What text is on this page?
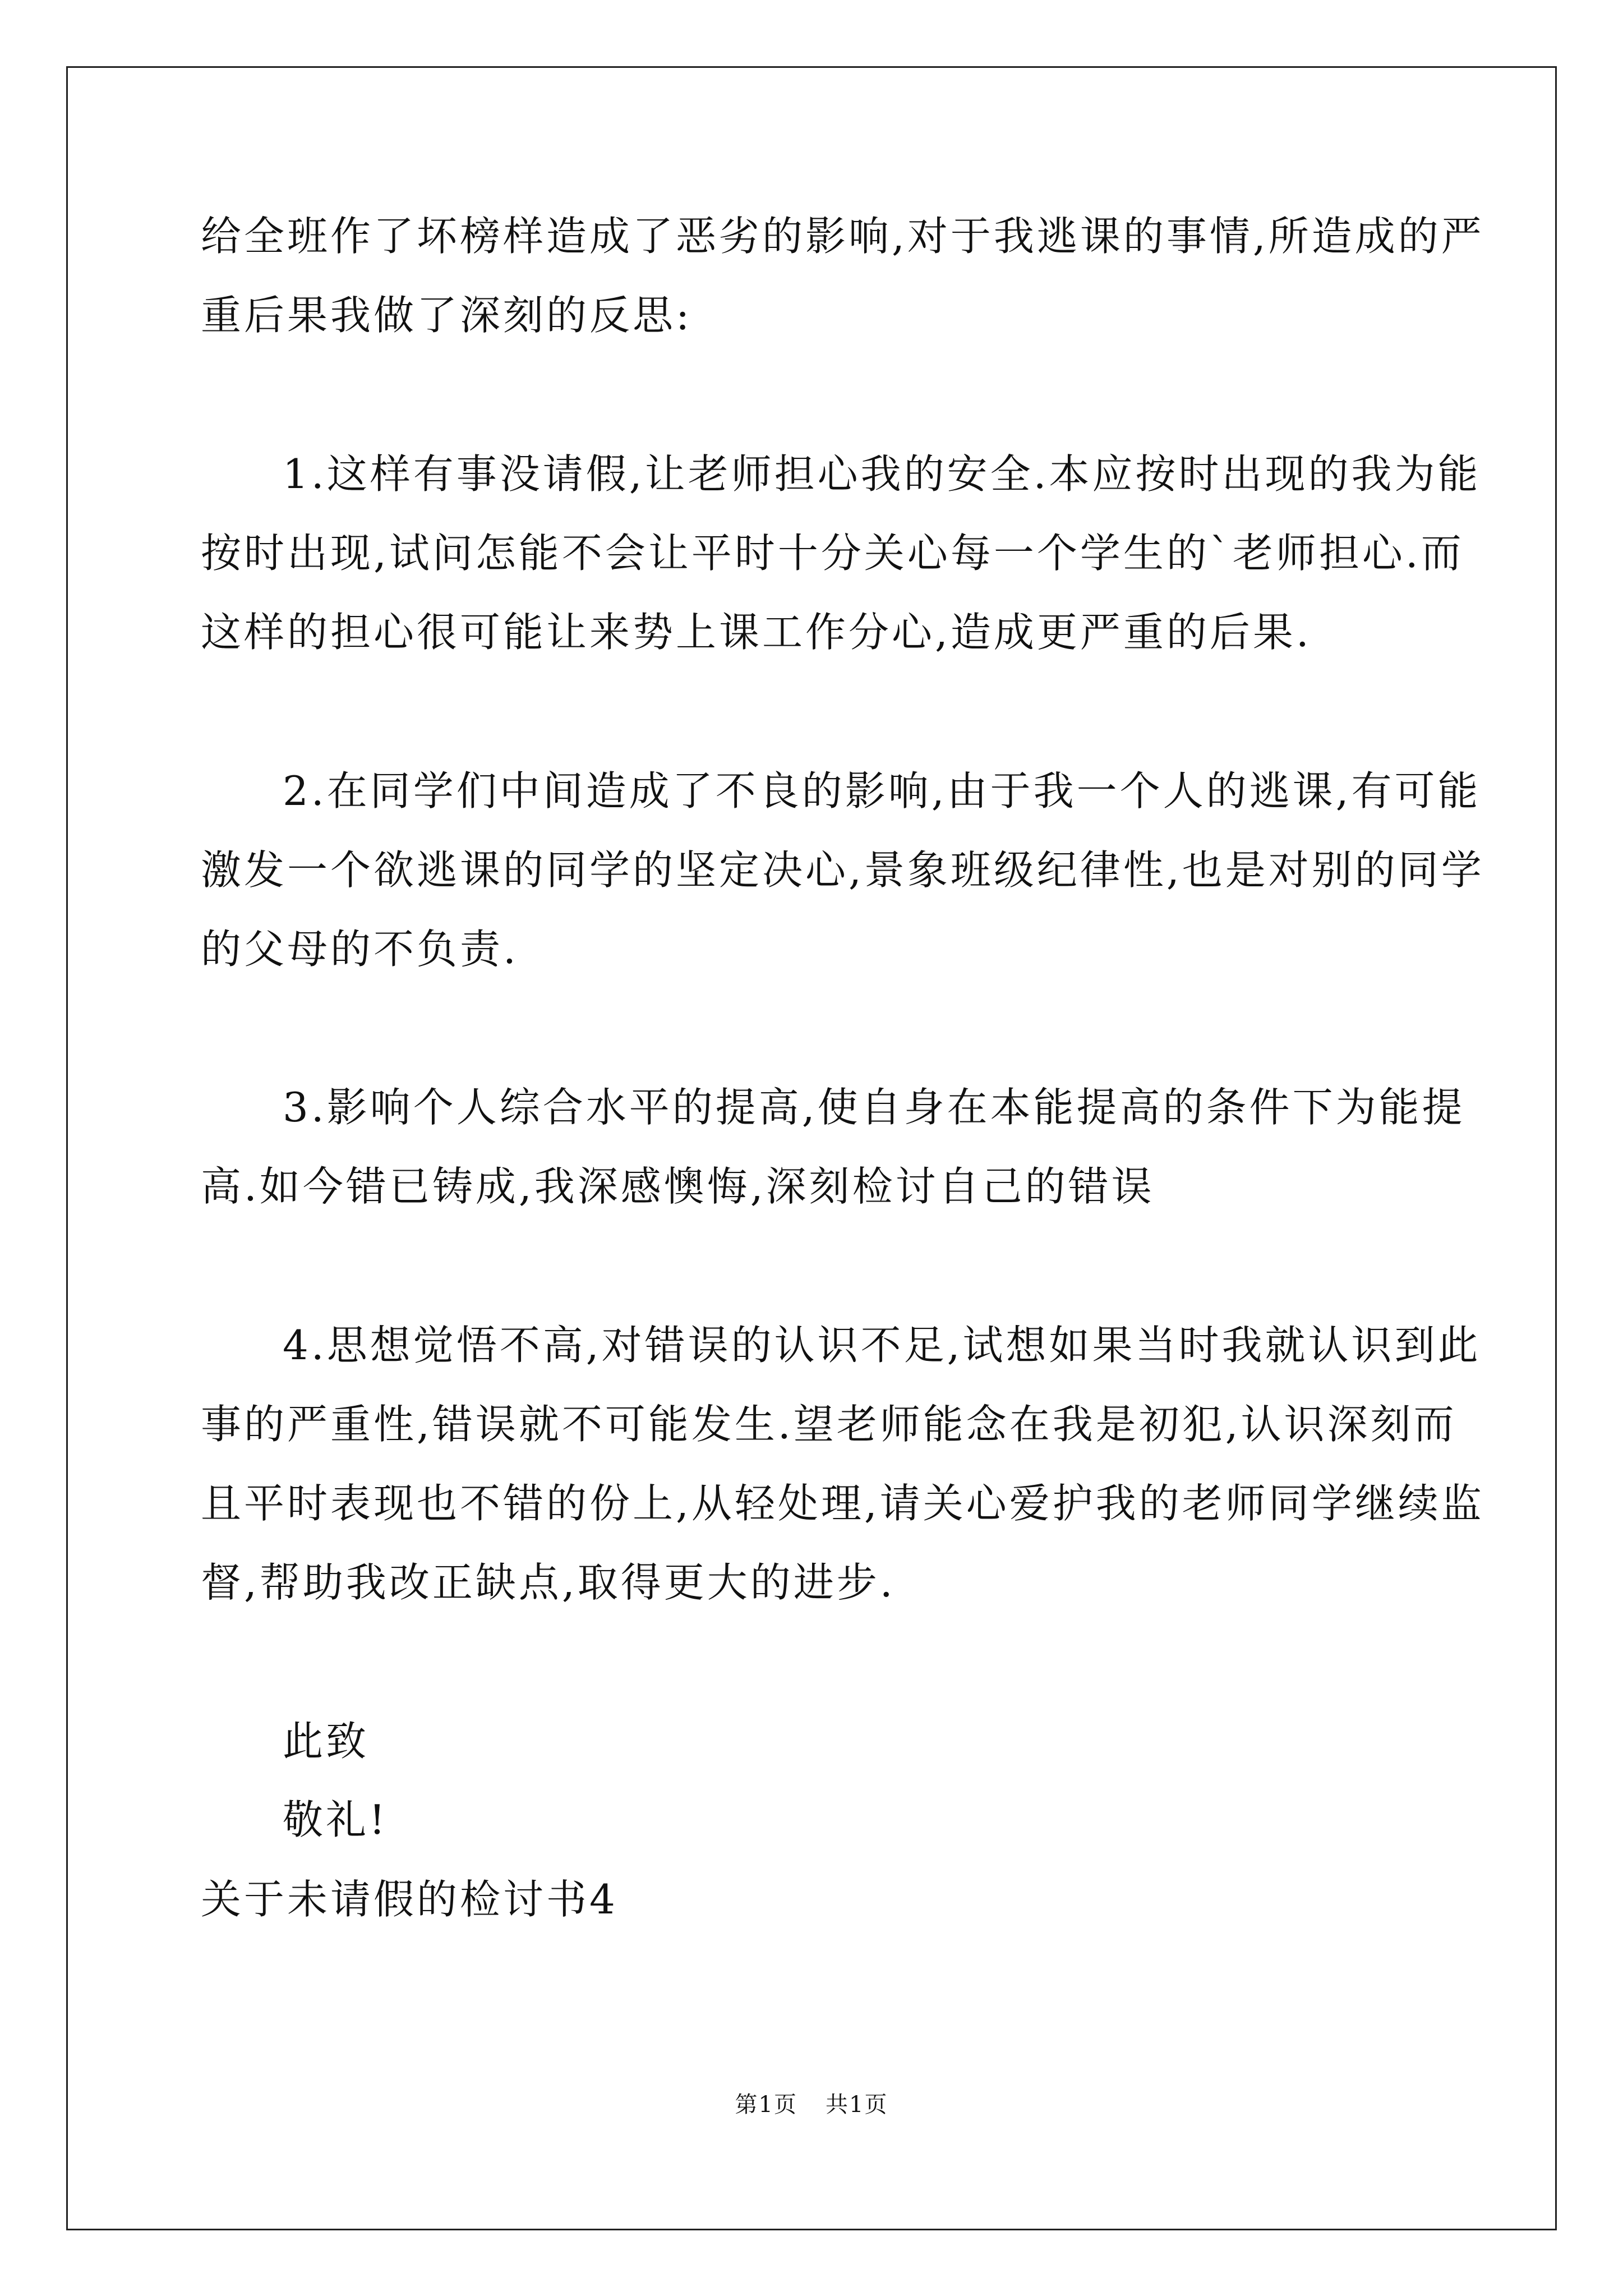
给全班作了坏榜样造成了恶劣的影响,对于我逃课的事情,所造成的严
重后果我做了深刻的反思:
1.这样有事没请假,让老师担心我的安全.本应按时出现的我为能
按时出现,试问怎能不会让平时十分关心每一个学生的`老师担心.而
这样的担心很可能让来势上课工作分心,造成更严重的后果.
2.在同学们中间造成了不良的影响,由于我一个人的逃课,有可能
激发一个欲逃课的同学的坚定决心,景象班级纪律性,也是对别的同学
的父母的不负责.
3.影响个人综合水平的提高,使自身在本能提高的条件下为能提
高.如今错已铸成,我深感懊悔,深刻检讨自己的错误
4.思想觉悟不高,对错误的认识不足,试想如果当时我就认识到此
事的严重性,错误就不可能发生.望老师能念在我是初犯,认识深刻而
且平时表现也不错的份上,从轻处理,请关心爱护我的老师同学继续监
督,帮助我改正缺点,取得更大的进步.
此致
敬礼!
关于未请假的检讨书4
第1页 共1页
